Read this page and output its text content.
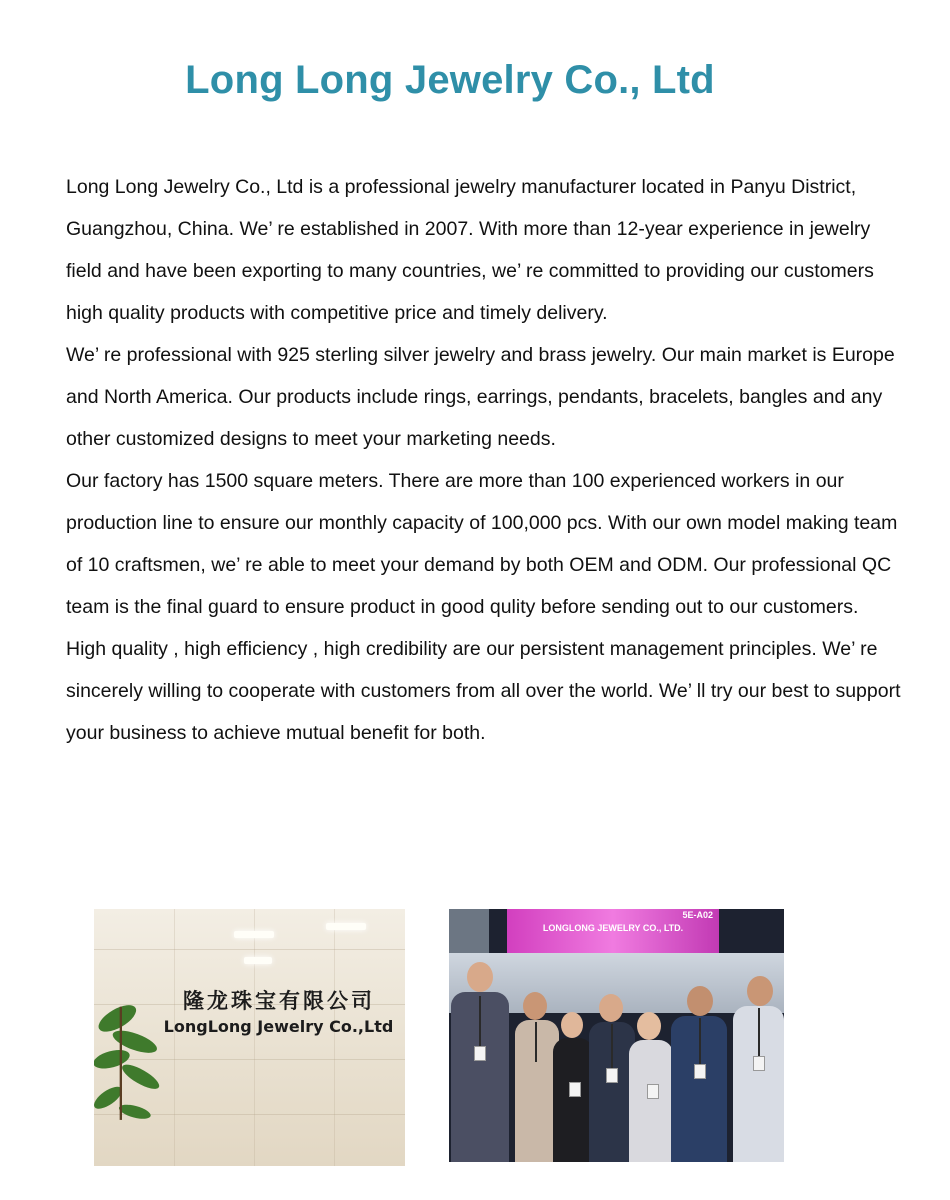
Long Long Jewelry Co., Ltd

Long Long Jewelry Co., Ltd is a professional jewelry manufacturer located in Panyu District, Guangzhou, China. We’ re established in 2007. With more than 12-year experience in jewelry field and have been exporting to many countries, we’ re committed to providing our customers high quality products with competitive price and timely delivery.

We’ re professional with 925 sterling silver jewelry and brass jewelry. Our main market is Europe and North America. Our products include rings, earrings, pendants, bracelets, bangles and any other customized designs to meet your marketing needs.

Our factory has 1500 square meters. There are more than 100 experienced workers in our production line to ensure our monthly capacity of 100,000 pcs. With our own model making team of 10 craftsmen, we’ re able to meet your demand by both OEM and ODM. Our professional QC team is the final guard to ensure product in good qulity before sending out to our customers.

High quality , high efficiency , high credibility are our persistent management principles. We’ re sincerely willing to cooperate with customers from all over the world. We’ ll try our best to support your business to achieve mutual benefit for both.

隆龙珠宝有限公司
LongLong Jewelry Co.,Ltd
LONGLONG JEWELRY CO., LTD.
5E-A02
